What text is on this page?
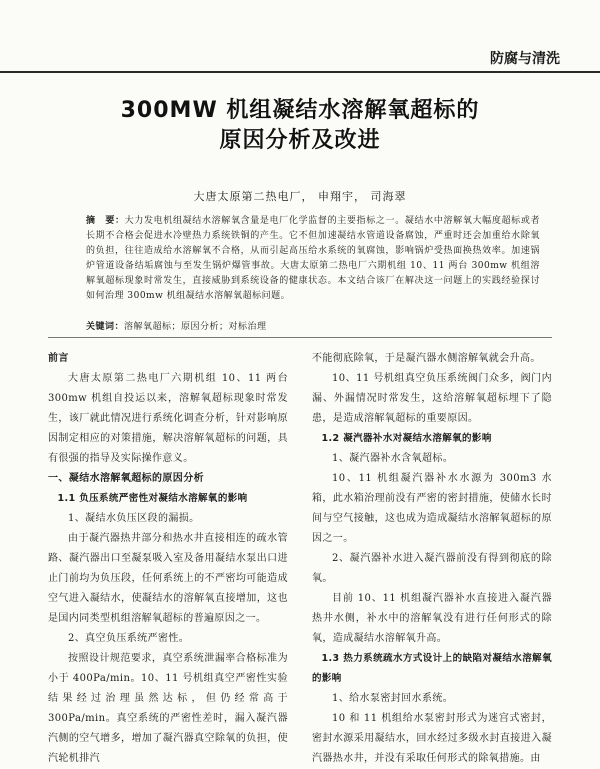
防腐与清洗
300MW 机组凝结水溶解氧超标的
原因分析及改进
大唐太原第二热电厂， 申翔宇， 司海翠
摘　要：大力发电机组凝结水溶解氧含量是电厂化学监督的主要指标之一。凝结水中溶解氧大幅度超标或者长期不合格会促进水冷壁热力系统铁铜的产生。它不但加速凝结水管道设备腐蚀，严重时还会加重给水除氧的负担，往往造成给水溶解氧不合格，从而引起高压给水系统的氧腐蚀，影响锅炉受热面换热效率。加速锅炉管道设备结垢腐蚀与至发生锅炉爆管事故。大唐太原第二热电厂六期机组 10、11 两台 300mw 机组溶解氧超标现象时常发生，直接威胁到系统设备的健康状态。本文结合该厂在解决这一问题上的实践经验探讨如何治理 300mw 机组凝结水溶解氧超标问题。
关键词：溶解氧超标；原因分析；对标治理

前言

大唐太原第二热电厂六期机组 10、11 两台 300mw 机组自投运以来，溶解氧超标现象时常发生，该厂就此情况进行系统化调查分析，针对影响原因制定相应的对策措施，解决溶解氧超标的问题，具有很强的指导及实际操作意义。

一、凝结水溶解氧超标的原因分析

1.1 负压系统严密性对凝结水溶解氧的影响

1、凝结水负压区段的漏损。

由于凝汽器热井部分和热水井直接相连的疏水管路、凝汽器出口至凝泵吸入室及备用凝结水泵出口进止门前均为负压段，任何系统上的不严密均可能造成空气进入凝结水，使凝结水的溶解氧直接增加，这也是国内同类型机组溶解氧超标的普遍原因之一。

2、真空负压系统严密性。

按照设计规范要求，真空系统泄漏率合格标准为小于 400Pa/min。10、11 号机组真空严密性实验结果经过治理虽然达标，但仍经常高于 300Pa/min。真空系统的严密性差时，漏入凝汽器汽侧的空气增多，增加了凝汽器真空除氧的负担，使汽轮机排汽

不能彻底除氧，于是凝汽器水侧溶解氧就会升高。

10、11 号机组真空负压系统阀门众多，阀门内漏、外漏情况时常发生，这给溶解氧超标埋下了隐患，是造成溶解氧超标的重要原因。

1.2 凝汽器补水对凝结水溶解氧的影响

1、凝汽器补水含氧超标。

10、11 机组凝汽器补水水源为 300m3 水箱，此水箱治理前没有严密的密封措施，使储水长时间与空气接触，这也成为造成凝结水溶解氧超标的原因之一。

2、凝汽器补水进入凝汽器前没有得到彻底的除氧。

目前 10、11 机组凝汽器补水直接进入凝汽器热井水侧，补水中的溶解氧没有进行任何形式的除氧，造成凝结水溶解氧升高。

1.3 热力系统疏水方式设计上的缺陷对凝结水溶解氧的影响

1、给水泵密封回水系统。

10 和 11 机组给水泵密封形式为迷宫式密封，密封水源采用凝结水，回水经过多级水封直接进入凝汽器热水井，并没有采取任何形式的除氧措施。由
